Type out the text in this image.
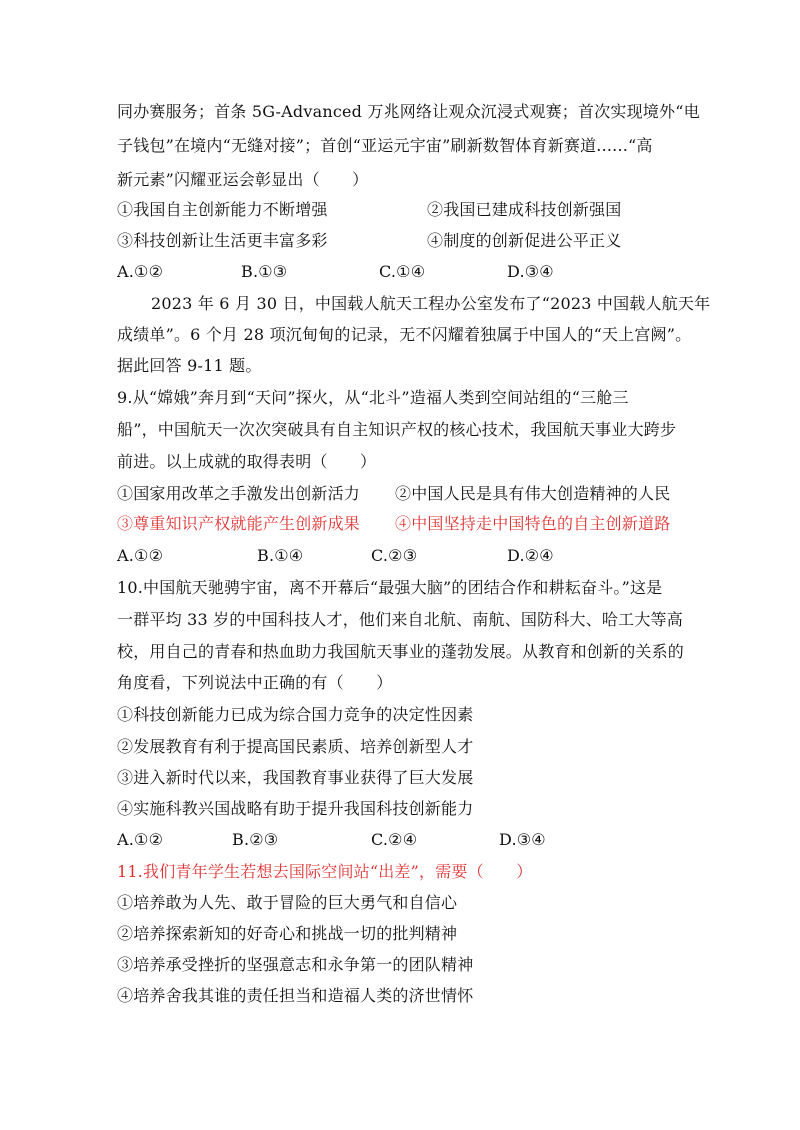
同办赛服务；首条 5G-Advanced 万兆网络让观众沉浸式观赛；首次实现境外“电
子钱包”在境内“无缝对接”；首创“亚运元宇宙”刷新数智体育新赛道......“高
新元素”闪耀亚运会彰显出（　　）
①我国自主创新能力不断增强	②我国已建成科技创新强国
③科技创新让生活更丰富多彩	④制度的创新促进公平正义
A.①②	B.①③	C.①④	D.③④
2023 年 6 月 30 日，中国载人航天工程办公室发布了“2023 中国载人航天年
成绩单”。6 个月 28 项沉甸甸的记录，无不闪耀着独属于中国人的“天上宫阙”。
据此回答 9-11 题。
9.从“嫦娥”奔月到“天问”探火，从“北斗”造福人类到空间站组的“三舱三
船”，中国航天一次次突破具有自主知识产权的核心技术，我国航天事业大跨步
前进。以上成就的取得表明（　　）
①国家用改革之手激发出创新活力 ②中国人民是具有伟大创造精神的人民
③尊重知识产权就能产生创新成果 ④中国坚持走中国特色的自主创新道路
A.①②	B.①④	C.②③	D.②④
10.中国航天驰骋宇宙，离不开幕后“最强大脑”的团结合作和耕耘奋斗。”这是
一群平均 33 岁的中国科技人才，他们来自北航、南航、国防科大、哈工大等高
校，用自己的青春和热血助力我国航天事业的蓬勃发展。从教育和创新的关系的
角度看，下列说法中正确的有（　　）
①科技创新能力已成为综合国力竞争的决定性因素
②发展教育有利于提高国民素质、培养创新型人才
③进入新时代以来，我国教育事业获得了巨大发展
④实施科教兴国战略有助于提升我国科技创新能力
A.①②	B.②③	C.②④	D.③④
11.我们青年学生若想去国际空间站“出差”，需要（　　）
①培养敢为人先、敢于冒险的巨大勇气和自信心
②培养探索新知的好奇心和挑战一切的批判精神
③培养承受挫折的坚强意志和永争第一的团队精神
④培养舍我其谁的责任担当和造福人类的济世情怀
